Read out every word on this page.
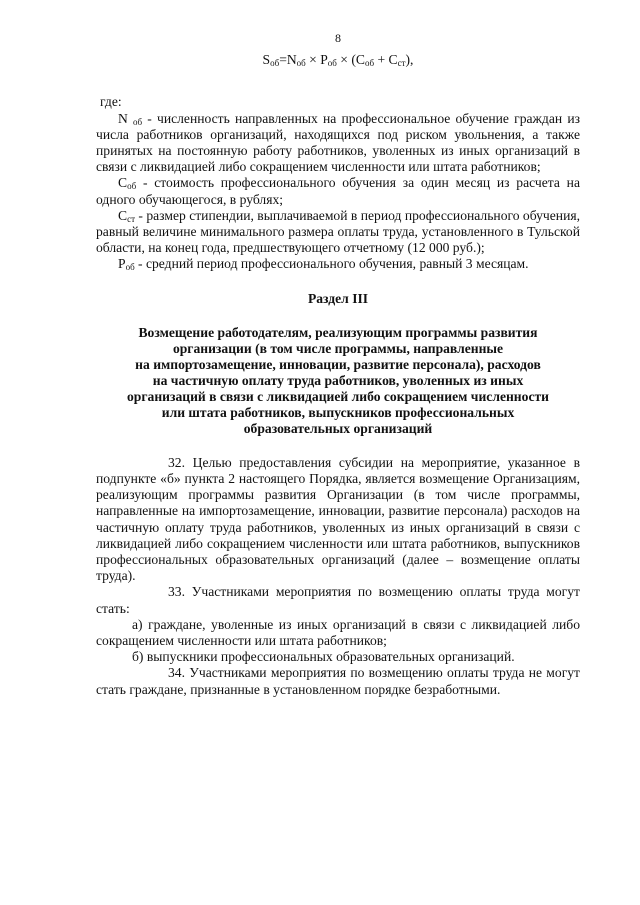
8
$S_{об}=N_{об} \times P_{об} \times (C_{об} + C_{ст})$,

где:

N $_{об}$ - численность направленных на профессиональное обучение граждан из числа работников организаций, находящихся под риском увольнения, а также принятых на постоянную работу работников, уволенных из иных организаций в связи с ликвидацией либо сокращением численности или штата работников;

$C_{об}$ - стоимость профессионального обучения за один месяц из расчета на одного обучающегося, в рублях;

$C_{ст}$ - размер стипендии, выплачиваемой в период профессионального обучения, равный величине минимального размера оплаты труда, установленного в Тульской области, на конец года, предшествующего отчетному (12 000 руб.);

$P_{об}$ - средний период профессионального обучения, равный 3 месяцам.

Раздел III
Возмещение работодателям, реализующим программы развития
организации (в том числе программы, направленные
на импортозамещение, инновации, развитие персонала), расходов
на частичную оплату труда работников, уволенных из иных
организаций в связи с ликвидацией либо сокращением численности
или штата работников, выпускников профессиональных
образовательных организаций

32. Целью предоставления субсидии на мероприятие, указанное в подпункте «б» пункта 2 настоящего Порядка, является возмещение Организациям, реализующим программы развития Организации (в том числе программы, направленные на импортозамещение, инновации, развитие персонала) расходов на частичную оплату труда работников, уволенных из иных организаций в связи с ликвидацией либо сокращением численности или штата работников, выпускников профессиональных образовательных организаций (далее – возмещение оплаты труда).

33. Участниками мероприятия по возмещению оплаты труда могут стать:

а) граждане, уволенные из иных организаций в связи с ликвидацией либо сокращением численности или штата работников;

б) выпускники профессиональных образовательных организаций.

34. Участниками мероприятия по возмещению оплаты труда не могут стать граждане, признанные в установленном порядке безработными.
